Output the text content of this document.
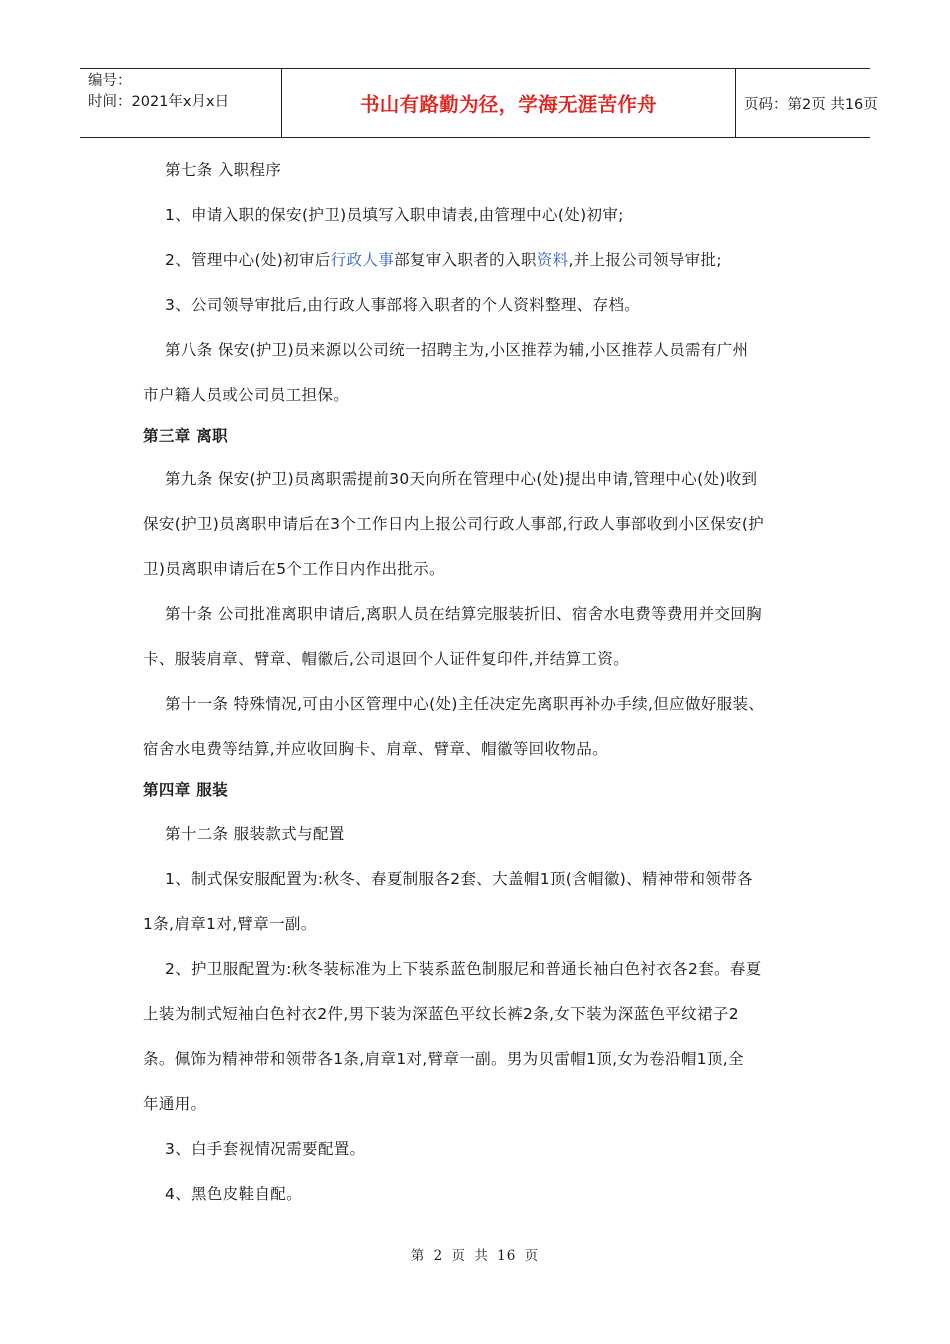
编号：
时间：2021年x月x日	书山有路勤为径，学海无涯苦作舟	页码：第2页 共16页
第七条 入职程序
1、申请入职的保安(护卫)员填写入职申请表,由管理中心(处)初审;
2、管理中心(处)初审后行政人事部复审入职者的入职资料,并上报公司领导审批;
3、公司领导审批后,由行政人事部将入职者的个人资料整理、存档。
第八条 保安(护卫)员来源以公司统一招聘主为,小区推荐为辅,小区推荐人员需有广州
市户籍人员或公司员工担保。
第三章 离职
第九条 保安(护卫)员离职需提前30天向所在管理中心(处)提出申请,管理中心(处)收到
保安(护卫)员离职申请后在3个工作日内上报公司行政人事部,行政人事部收到小区保安(护
卫)员离职申请后在5个工作日内作出批示。
第十条 公司批准离职申请后,离职人员在结算完服装折旧、宿舍水电费等费用并交回胸
卡、服装肩章、臂章、帽徽后,公司退回个人证件复印件,并结算工资。
第十一条 特殊情况,可由小区管理中心(处)主任决定先离职再补办手续,但应做好服装、
宿舍水电费等结算,并应收回胸卡、肩章、臂章、帽徽等回收物品。
第四章 服装
第十二条 服装款式与配置
1、制式保安服配置为:秋冬、春夏制服各2套、大盖帽1顶(含帽徽)、精神带和领带各
1条,肩章1对,臂章一副。
2、护卫服配置为:秋冬装标准为上下装系蓝色制服尼和普通长袖白色衬衣各2套。春夏
上装为制式短袖白色衬衣2件,男下装为深蓝色平纹长裤2条,女下装为深蓝色平纹裙子2
条。佩饰为精神带和领带各1条,肩章1对,臂章一副。男为贝雷帽1顶,女为卷沿帽1顶,全
年通用。
3、白手套视情况需要配置。
4、黑色皮鞋自配。
第 2 页 共 16 页
